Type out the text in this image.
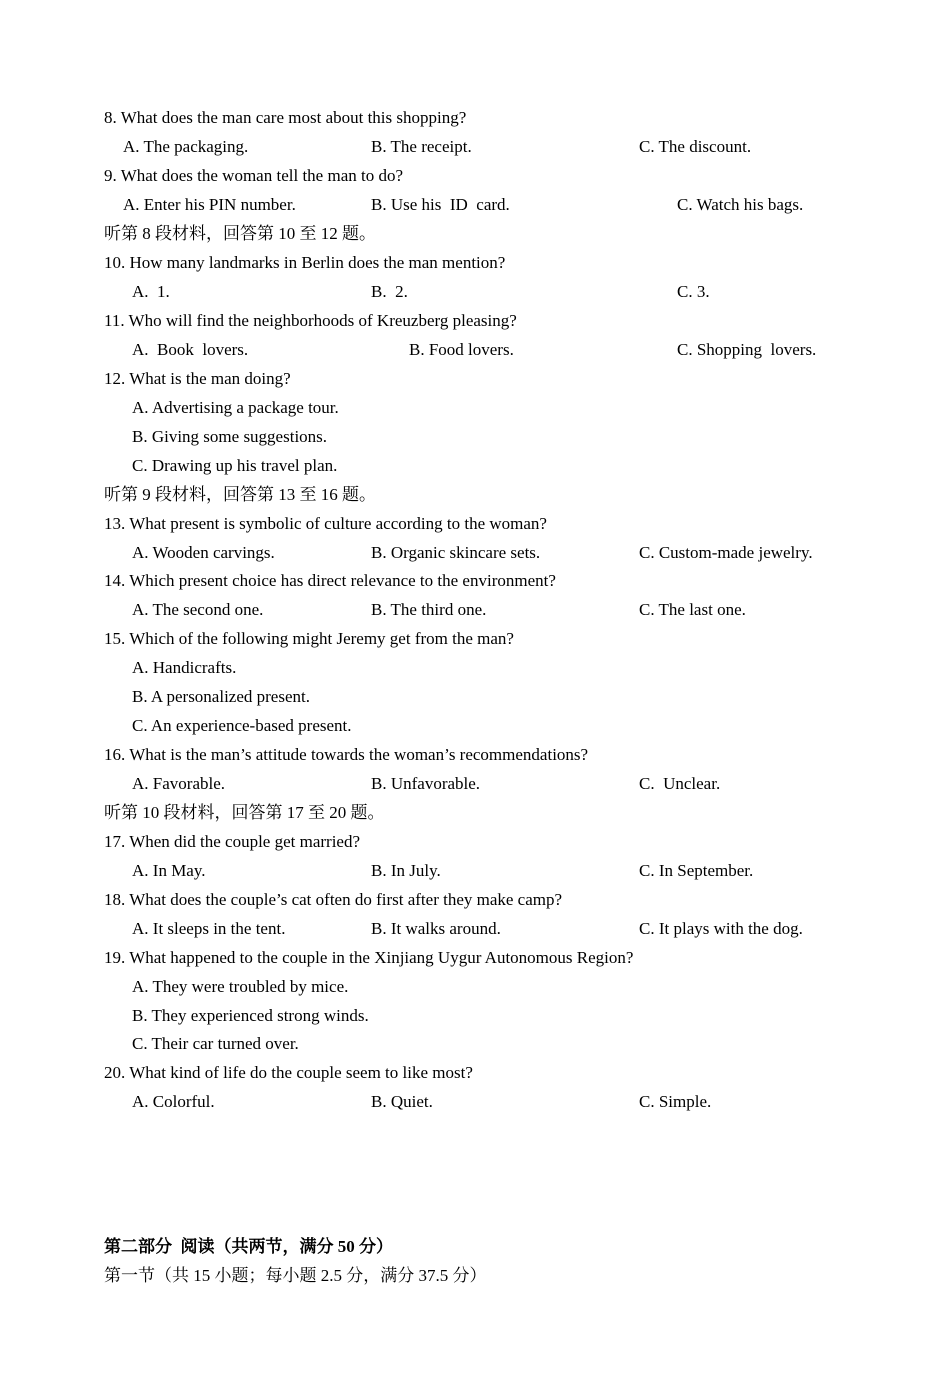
8. What does the man care most about this shopping?
A. The packaging.	B. The receipt.	C. The discount.
9. What does the woman tell the man to do?
A. Enter his PIN number.	B. Use his  ID  card.	C. Watch his bags.
听第 8 段材料，回答第 10 至 12 题。
10. How many landmarks in Berlin does the man mention?
A.  1.	B.  2.	C. 3.
11. Who will find the neighborhoods of Kreuzberg pleasing?
A.  Book  lovers.	B. Food lovers.	C. Shopping  lovers.
12. What is the man doing?
A. Advertising a package tour.
B. Giving some suggestions.
C. Drawing up his travel plan.
听第 9 段材料，回答第 13 至 16 题。
13. What present is symbolic of culture according to the woman?
A. Wooden carvings.	B. Organic skincare sets.	C. Custom-made jewelry.
14. Which present choice has direct relevance to the environment?
A. The second one.	B. The third one.	C. The last one.
15. Which of the following might Jeremy get from the man?
A. Handicrafts.
B. A personalized present.
C. An experience-based present.
16. What is the man’s attitude towards the woman’s recommendations?
A. Favorable.	B. Unfavorable.	C.  Unclear.
听第 10 段材料，回答第 17 至 20 题。
17. When did the couple get married?
A. In May.	B. In July.	C. In September.
18. What does the couple’s cat often do first after they make camp?
A. It sleeps in the tent.	B. It walks around.	C. It plays with the dog.
19. What happened to the couple in the Xinjiang Uygur Autonomous Region?
A. They were troubled by mice.
B. They experienced strong winds.
C. Their car turned over.
20. What kind of life do the couple seem to like most?
A. Colorful.	B. Quiet.	C. Simple.
第二部分  阅读（共两节，满分 50 分）
第一节（共 15 小题；每小题 2.5 分，满分 37.5 分）
